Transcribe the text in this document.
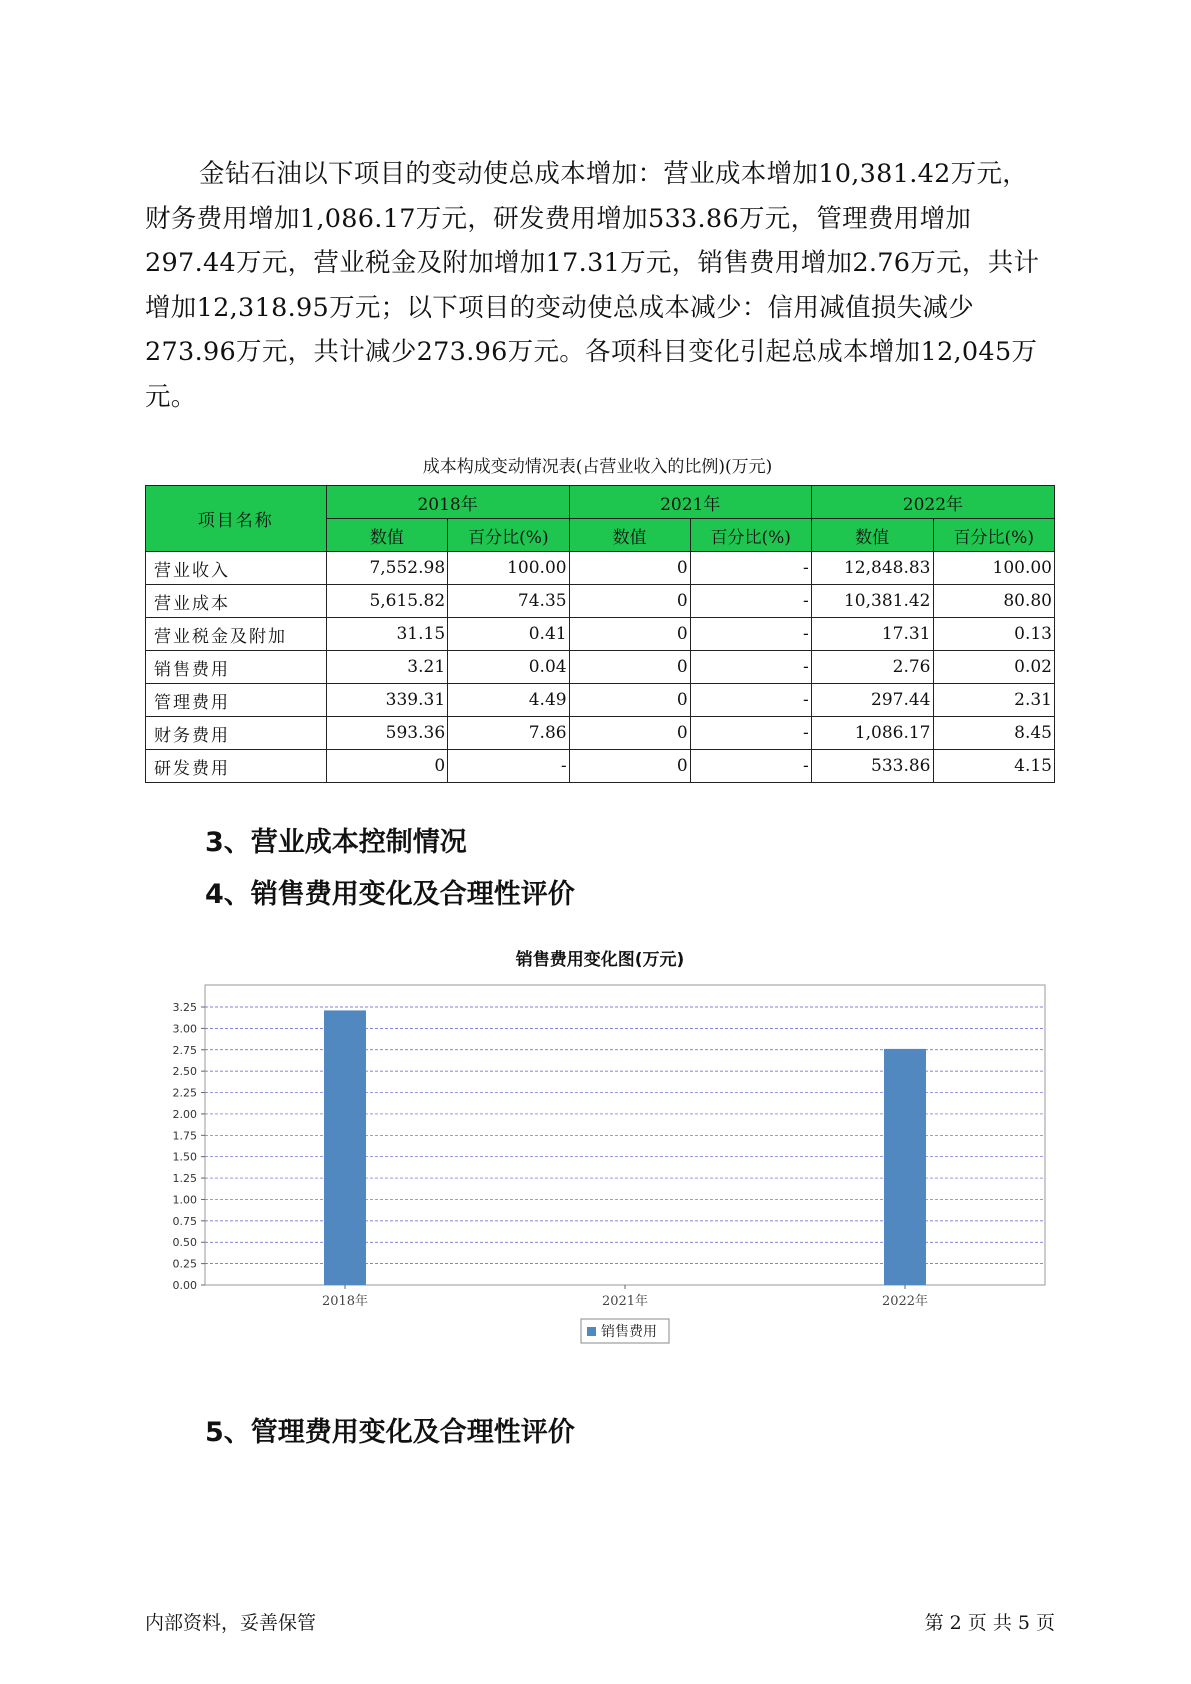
金钻石油以下项目的变动使总成本增加：营业成本增加10,381.42万元，财务费用增加1,086.17万元，研发费用增加533.86万元，管理费用增加297.44万元，营业税金及附加增加17.31万元，销售费用增加2.76万元，共计增加12,318.95万元；以下项目的变动使总成本减少：信用减值损失减少273.96万元，共计减少273.96万元。各项科目变化引起总成本增加12,045万元。

成本构成变动情况表(占营业收入的比例)(万元)
项目名称	2018年		2021年		2022年	
	数值	百分比(%)	数值	百分比(%)	数值	百分比(%)
营业收入	7,552.98	100.00	0	-	12,848.83	100.00
营业成本	5,615.82	74.35	0	-	10,381.42	80.80
营业税金及附加	31.15	0.41	0	-	17.31	0.13
销售费用	3.21	0.04	0	-	2.76	0.02
管理费用	339.31	4.49	0	-	297.44	2.31
财务费用	593.36	7.86	0	-	1,086.17	8.45
研发费用	0	-	0	-	533.86	4.15
3、营业成本控制情况
4、销售费用变化及合理性评价
销售费用变化图(万元)
0.00
0.25
0.50
0.75
1.00
1.25
1.50
1.75
2.00
2.25
2.50
2.75
3.00
3.25
2018年	2021年	2022年
销售费用
5、管理费用变化及合理性评价
内部资料，妥善保管	第 2 页 共 5 页
